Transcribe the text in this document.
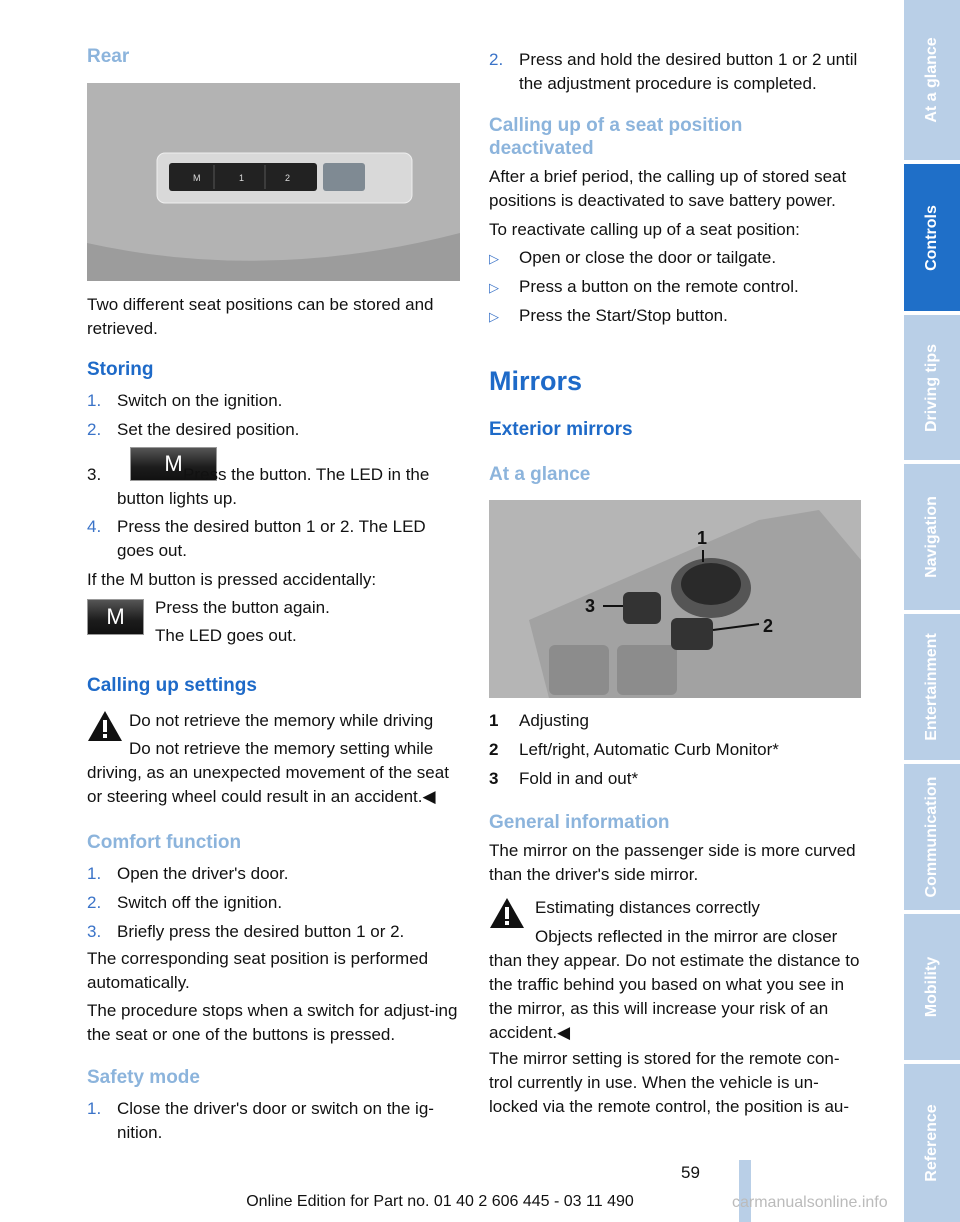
Rear
M	1	2

Two different seat positions can be stored and retrieved.

Storing
1. Switch on the ignition.
2. Set the desired position.
3.	M Press the button. The LED in the button lights up.
4. Press the desired button 1 or 2. The LED goes out.

If the M button is pressed accidentally:

M	Press the button again.

The LED goes out.

Calling up settings

Do not retrieve the memory while driving

Do not retrieve the memory setting while

driving, as an unexpected movement of the seat or steering wheel could result in an accident.◀

Comfort function
1. Open the driver's door.
2. Switch off the ignition.
3. Briefly press the desired button 1 or 2.

The corresponding seat position is performed automatically.

The procedure stops when a switch for adjust-ing the seat or one of the buttons is pressed.

Safety mode
1. Close the driver's door or switch on the ig-nition.
2. Press and hold the desired button 1 or 2 until the adjustment procedure is completed.
Calling up of a seat position deactivated

After a brief period, the calling up of stored seat positions is deactivated to save battery power.

To reactivate calling up of a seat position:

▷ Open or close the door or tailgate.
▷ Press a button on the remote control.
▷ Press the Start/Stop button.
Mirrors
Exterior mirrors
At a glance
1
2
3
1 Adjusting
2 Left/right, Automatic Curb Monitor*
3 Fold in and out*
General information

The mirror on the passenger side is more curved than the driver's side mirror.

Estimating distances correctly

Objects reflected in the mirror are closer

than they appear. Do not estimate the distance to the traffic behind you based on what you see in the mirror, as this will increase your risk of an accident.◀

The mirror setting is stored for the remote con-trol currently in use. When the vehicle is un-locked via the remote control, the position is au-

At a glance
Controls
Driving tips
Navigation
Entertainment
Communication
Mobility
Reference
59
Online Edition for Part no. 01 40 2 606 445 - 03 11 490	carmanualsonline.info
